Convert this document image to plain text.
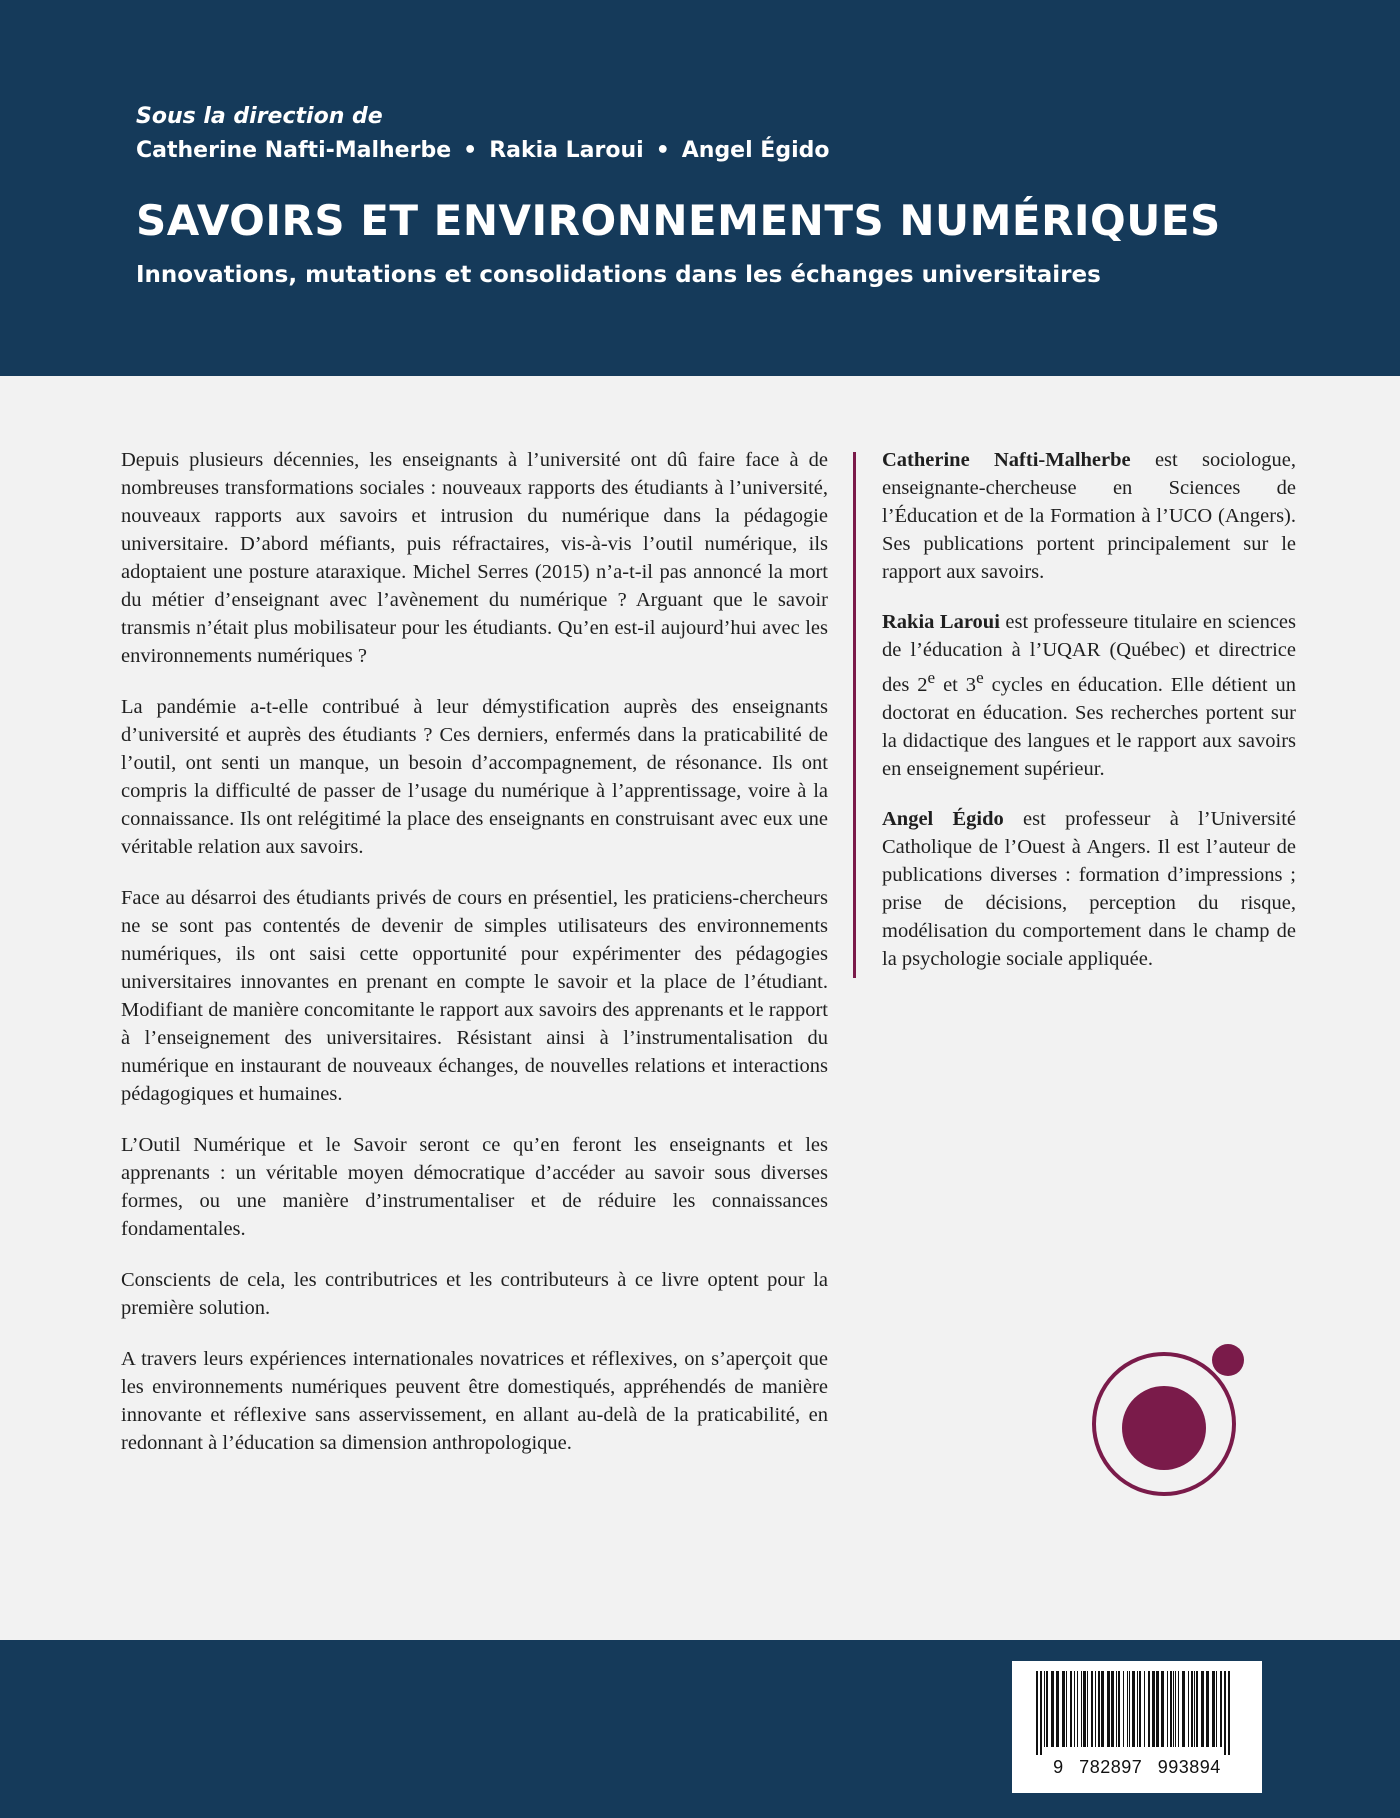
Sous la direction de
Catherine Nafti-Malherbe • Rakia Laroui • Angel Égido
SAVOIRS ET ENVIRONNEMENTS NUMÉRIQUES
Innovations, mutations et consolidations dans les échanges universitaires

Depuis plusieurs décennies, les enseignants à l’université ont dû faire face à de nombreuses transformations sociales : nouveaux rapports des étudiants à l’université, nouveaux rapports aux savoirs et intrusion du numérique dans la pédagogie universitaire. D’abord méfiants, puis réfractaires, vis-à-vis l’outil numérique, ils adoptaient une posture ataraxique. Michel Serres (2015) n’a-t-il pas annoncé la mort du métier d’enseignant avec l’avènement du numérique ? Arguant que le savoir transmis n’était plus mobilisateur pour les étudiants. Qu’en est-il aujourd’hui avec les environnements numériques ?

La pandémie a-t-elle contribué à leur démystification auprès des enseignants d’université et auprès des étudiants ? Ces derniers, enfermés dans la praticabilité de l’outil, ont senti un manque, un besoin d’accompagnement, de résonance. Ils ont compris la difficulté de passer de l’usage du numérique à l’apprentissage, voire à la connaissance. Ils ont relégitimé la place des enseignants en construisant avec eux une véritable relation aux savoirs.

Face au désarroi des étudiants privés de cours en présentiel, les praticiens-chercheurs ne se sont pas contentés de devenir de simples utilisateurs des environnements numériques, ils ont saisi cette opportunité pour expérimenter des pédagogies universitaires innovantes en prenant en compte le savoir et la place de l’étudiant. Modifiant de manière concomitante le rapport aux savoirs des apprenants et le rapport à l’enseignement des universitaires. Résistant ainsi à l’instrumentalisation du numérique en instaurant de nouveaux échanges, de nouvelles relations et interactions pédagogiques et humaines.

L’Outil Numérique et le Savoir seront ce qu’en feront les enseignants et les apprenants : un véritable moyen démocratique d’accéder au savoir sous diverses formes, ou une manière d’instrumentaliser et de réduire les connaissances fondamentales.

Conscients de cela, les contributrices et les contributeurs à ce livre optent pour la première solution.

A travers leurs expériences internationales novatrices et réflexives, on s’aperçoit que les environnements numériques peuvent être domestiqués, appréhendés de manière innovante et réflexive sans asservissement, en allant au-delà de la praticabilité, en redonnant à l’éducation sa dimension anthropologique.

Catherine Nafti-Malherbe est sociologue, enseignante-chercheuse en Sciences de l’Éducation et de la Formation à l’UCO (Angers). Ses publications portent principalement sur le rapport aux savoirs.

Rakia Laroui est professeure titulaire en sciences de l’éducation à l’UQAR (Québec) et directrice des 2e et 3e cycles en éducation. Elle détient un doctorat en éducation. Ses recherches portent sur la didactique des langues et le rapport aux savoirs en enseignement supérieur.

Angel Égido est professeur à l’Université Catholique de l’Ouest à Angers. Il est l’auteur de publications diverses : formation d’impressions ; prise de décisions, perception du risque, modélisation du comportement dans le champ de la psychologie sociale appliquée.

9 782897 993894
